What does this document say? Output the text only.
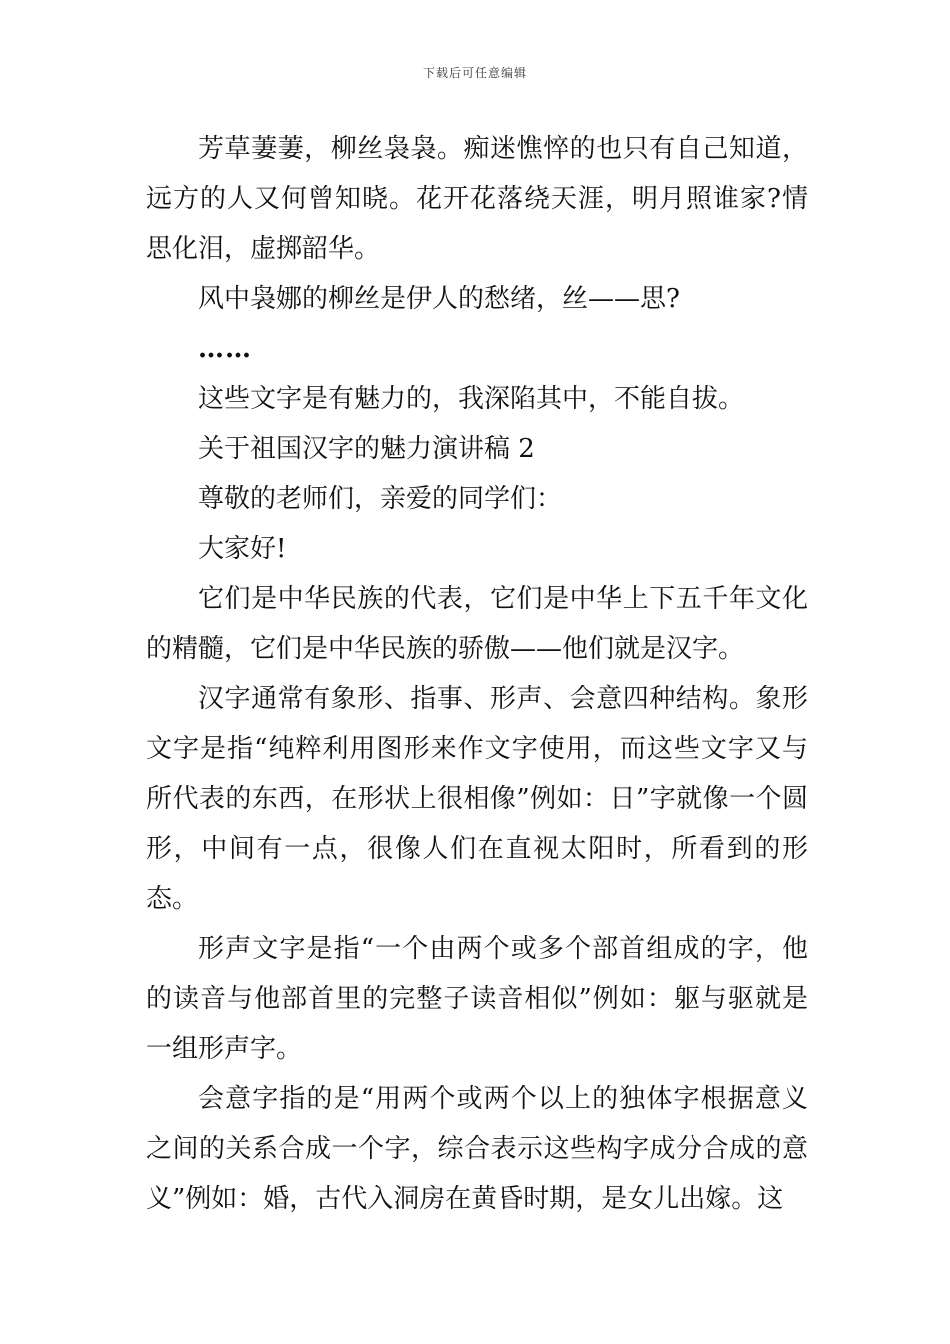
下载后可任意编辑

芳草萋萋，柳丝袅袅。痴迷憔悴的也只有自己知道，远方的人又何曾知晓。花开花落绕天涯，明月照谁家?情思化泪，虚掷韶华。

风中袅娜的柳丝是伊人的愁绪，丝——思?

……

这些文字是有魅力的，我深陷其中，不能自拔。

关于祖国汉字的魅力演讲稿 2

尊敬的老师们，亲爱的同学们：

大家好!

它们是中华民族的代表，它们是中华上下五千年文化的精髓，它们是中华民族的骄傲——他们就是汉字。

汉字通常有象形、指事、形声、会意四种结构。象形文字是指“纯粹利用图形来作文字使用，而这些文字又与所代表的东西，在形状上很相像”例如：日”字就像一个圆形，中间有一点，很像人们在直视太阳时，所看到的形态。

形声文字是指“一个由两个或多个部首组成的字，他的读音与他部首里的完整子读音相似”例如：躯与驱就是一组形声字。

会意字指的是“用两个或两个以上的独体字根据意义之间的关系合成一个字，综合表示这些构字成分合成的意义”例如：婚，古代入洞房在黄昏时期，是女儿出嫁。这
